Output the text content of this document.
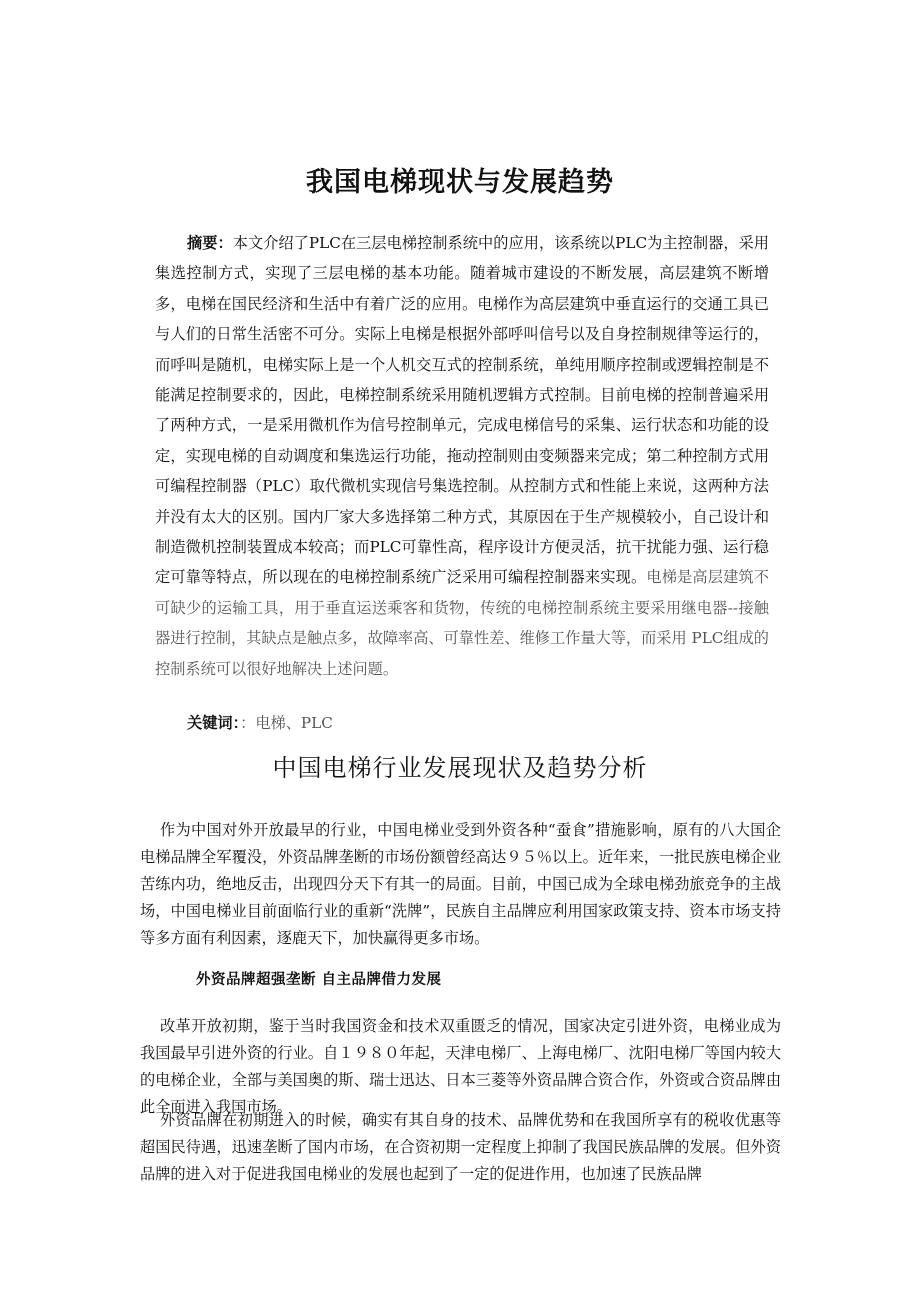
我国电梯现状与发展趋势

摘要：本文介绍了PLC在三层电梯控制系统中的应用，该系统以PLC为主控制器，采用集选控制方式，实现了三层电梯的基本功能。随着城市建设的不断发展，高层建筑不断增多，电梯在国民经济和生活中有着广泛的应用。电梯作为高层建筑中垂直运行的交通工具已与人们的日常生活密不可分。实际上电梯是根据外部呼叫信号以及自身控制规律等运行的，而呼叫是随机，电梯实际上是一个人机交互式的控制系统，单纯用顺序控制或逻辑控制是不能满足控制要求的，因此，电梯控制系统采用随机逻辑方式控制。目前电梯的控制普遍采用了两种方式，一是采用微机作为信号控制单元，完成电梯信号的采集、运行状态和功能的设定，实现电梯的自动调度和集选运行功能，拖动控制则由变频器来完成；第二种控制方式用可编程控制器（PLC）取代微机实现信号集选控制。从控制方式和性能上来说，这两种方法并没有太大的区别。国内厂家大多选择第二种方式，其原因在于生产规模较小，自己设计和制造微机控制装置成本较高；而PLC可靠性高，程序设计方便灵活，抗干扰能力强、运行稳定可靠等特点，所以现在的电梯控制系统广泛采用可编程控制器来实现。电梯是高层建筑不可缺少的运输工具，用于垂直运送乘客和货物，传统的电梯控制系统主要采用继电器--接触器进行控制，其缺点是触点多，故障率高、可靠性差、维修工作量大等，而采用 PLC组成的控制系统可以很好地解决上述问题。

关键词：：电梯、PLC

中国电梯行业发展现状及趋势分析

作为中国对外开放最早的行业，中国电梯业受到外资各种“蚕食”措施影响，原有的八大国企电梯品牌全军覆没，外资品牌垄断的市场份额曾经高达９５％以上。近年来，一批民族电梯企业苦练内功，绝地反击，出现四分天下有其一的局面。目前，中国已成为全球电梯劲旅竞争的主战场，中国电梯业目前面临行业的重新“洗牌”，民族自主品牌应利用国家政策支持、资本市场支持等多方面有利因素，逐鹿天下，加快赢得更多市场。

外资品牌超强垄断 自主品牌借力发展

改革开放初期，鉴于当时我国资金和技术双重匮乏的情况，国家决定引进外资，电梯业成为我国最早引进外资的行业。自１９８０年起，天津电梯厂、上海电梯厂、沈阳电梯厂等国内较大的电梯企业，全部与美国奥的斯、瑞士迅达、日本三菱等外资品牌合资合作，外资或合资品牌由此全面进入我国市场。

外资品牌在初期进入的时候，确实有其自身的技术、品牌优势和在我国所享有的税收优惠等超国民待遇，迅速垄断了国内市场，在合资初期一定程度上抑制了我国民族品牌的发展。但外资品牌的进入对于促进我国电梯业的发展也起到了一定的促进作用，也加速了民族品牌
